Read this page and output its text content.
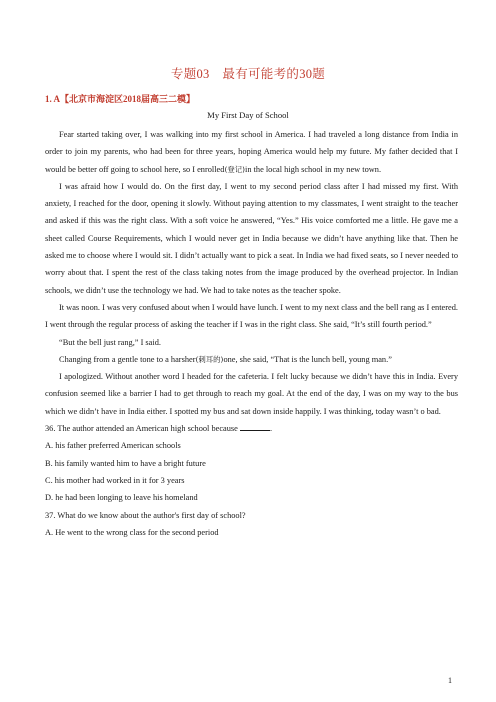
专题03　最有可能考的30题
1. A【北京市海淀区2018届高三二模】
My First Day of School

Fear started taking over, I was walking into my first school in America. I had traveled a long distance from India in order to join my parents, who had been for three years, hoping America would help my future. My father decided that I would be better off going to school here, so I enrolled(登记)in the local high school in my new town.

I was afraid how I would do. On the first day, I went to my second period class after I had missed my first. With anxiety, I reached for the door, opening it slowly. Without paying attention to my classmates, I went straight to the teacher and asked if this was the right class. With a soft voice he answered, “Yes.” His voice comforted me a little. He gave me a sheet called Course Requirements, which I would never get in India because we didn’t have anything like that. Then he asked me to choose where I would sit. I didn’t actually want to pick a seat. In India we had fixed seats, so I never needed to worry about that. I spent the rest of the class taking notes from the image produced by the overhead projector. In Indian schools, we didn’t use the technology we had. We had to take notes as the teacher spoke.

It was noon. I was very confused about when I would have lunch. I went to my next class and the bell rang as I entered. I went through the regular process of asking the teacher if I was in the right class. She said, “It’s still fourth period.”

“But the bell just rang,” I said.

Changing from a gentle tone to a harsher(刺耳的)one, she said, “That is the lunch bell, young man.”

I apologized. Without another word I headed for the cafeteria. I felt lucky because we didn’t have this in India. Every confusion seemed like a barrier I had to get through to reach my goal. At the end of the day, I was on my way to the bus which we didn’t have in India either. I spotted my bus and sat down inside happily. I was thinking, today wasn’t o bad.

36. The author attended an American high school because	.

A. his father preferred American schools

B. his family wanted him to have a bright future

C. his mother had worked in it for 3 years

D. he had been longing to leave his homeland

37. What do we know about the author's first day of school?

A. He went to the wrong class for the second period

1
